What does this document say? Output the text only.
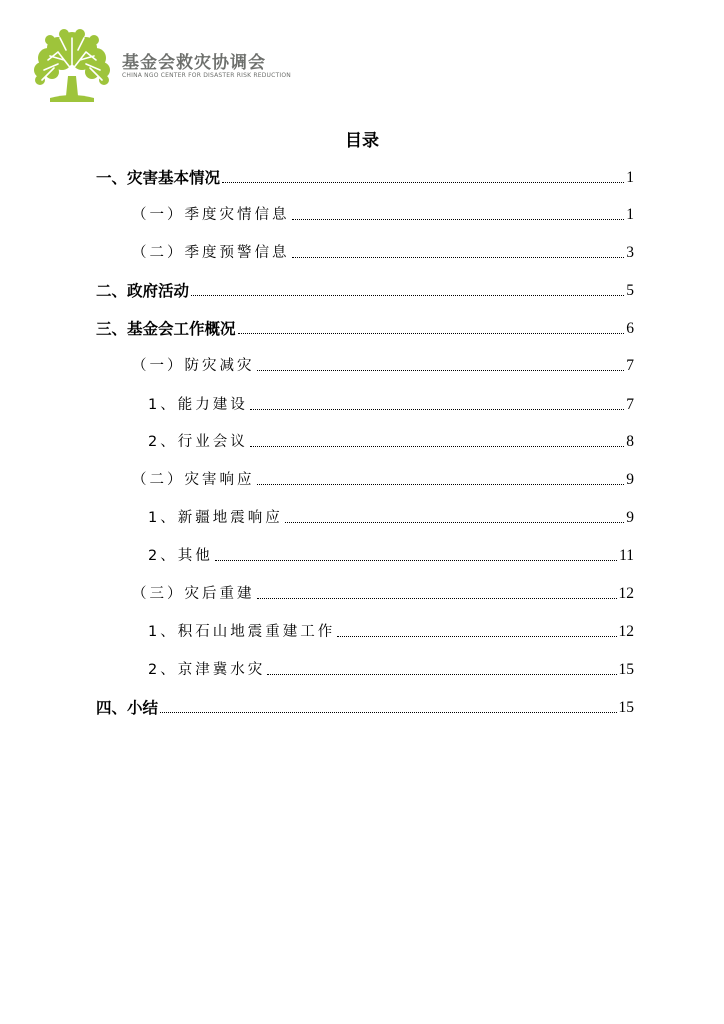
基金会救灾协调会
CHINA NGO CENTER FOR DISASTER RISK REDUCTION
目录
一、灾害基本情况	1
（一）季度灾情信息	1
（二）季度预警信息	3
二、政府活动	5
三、基金会工作概况	6
（一）防灾减灾	7
1、能力建设	7
2、行业会议	8
（二）灾害响应	9
1、新疆地震响应	9
2、其他	11
（三）灾后重建	12
1、积石山地震重建工作	12
2、京津冀水灾	15
四、小结	15
